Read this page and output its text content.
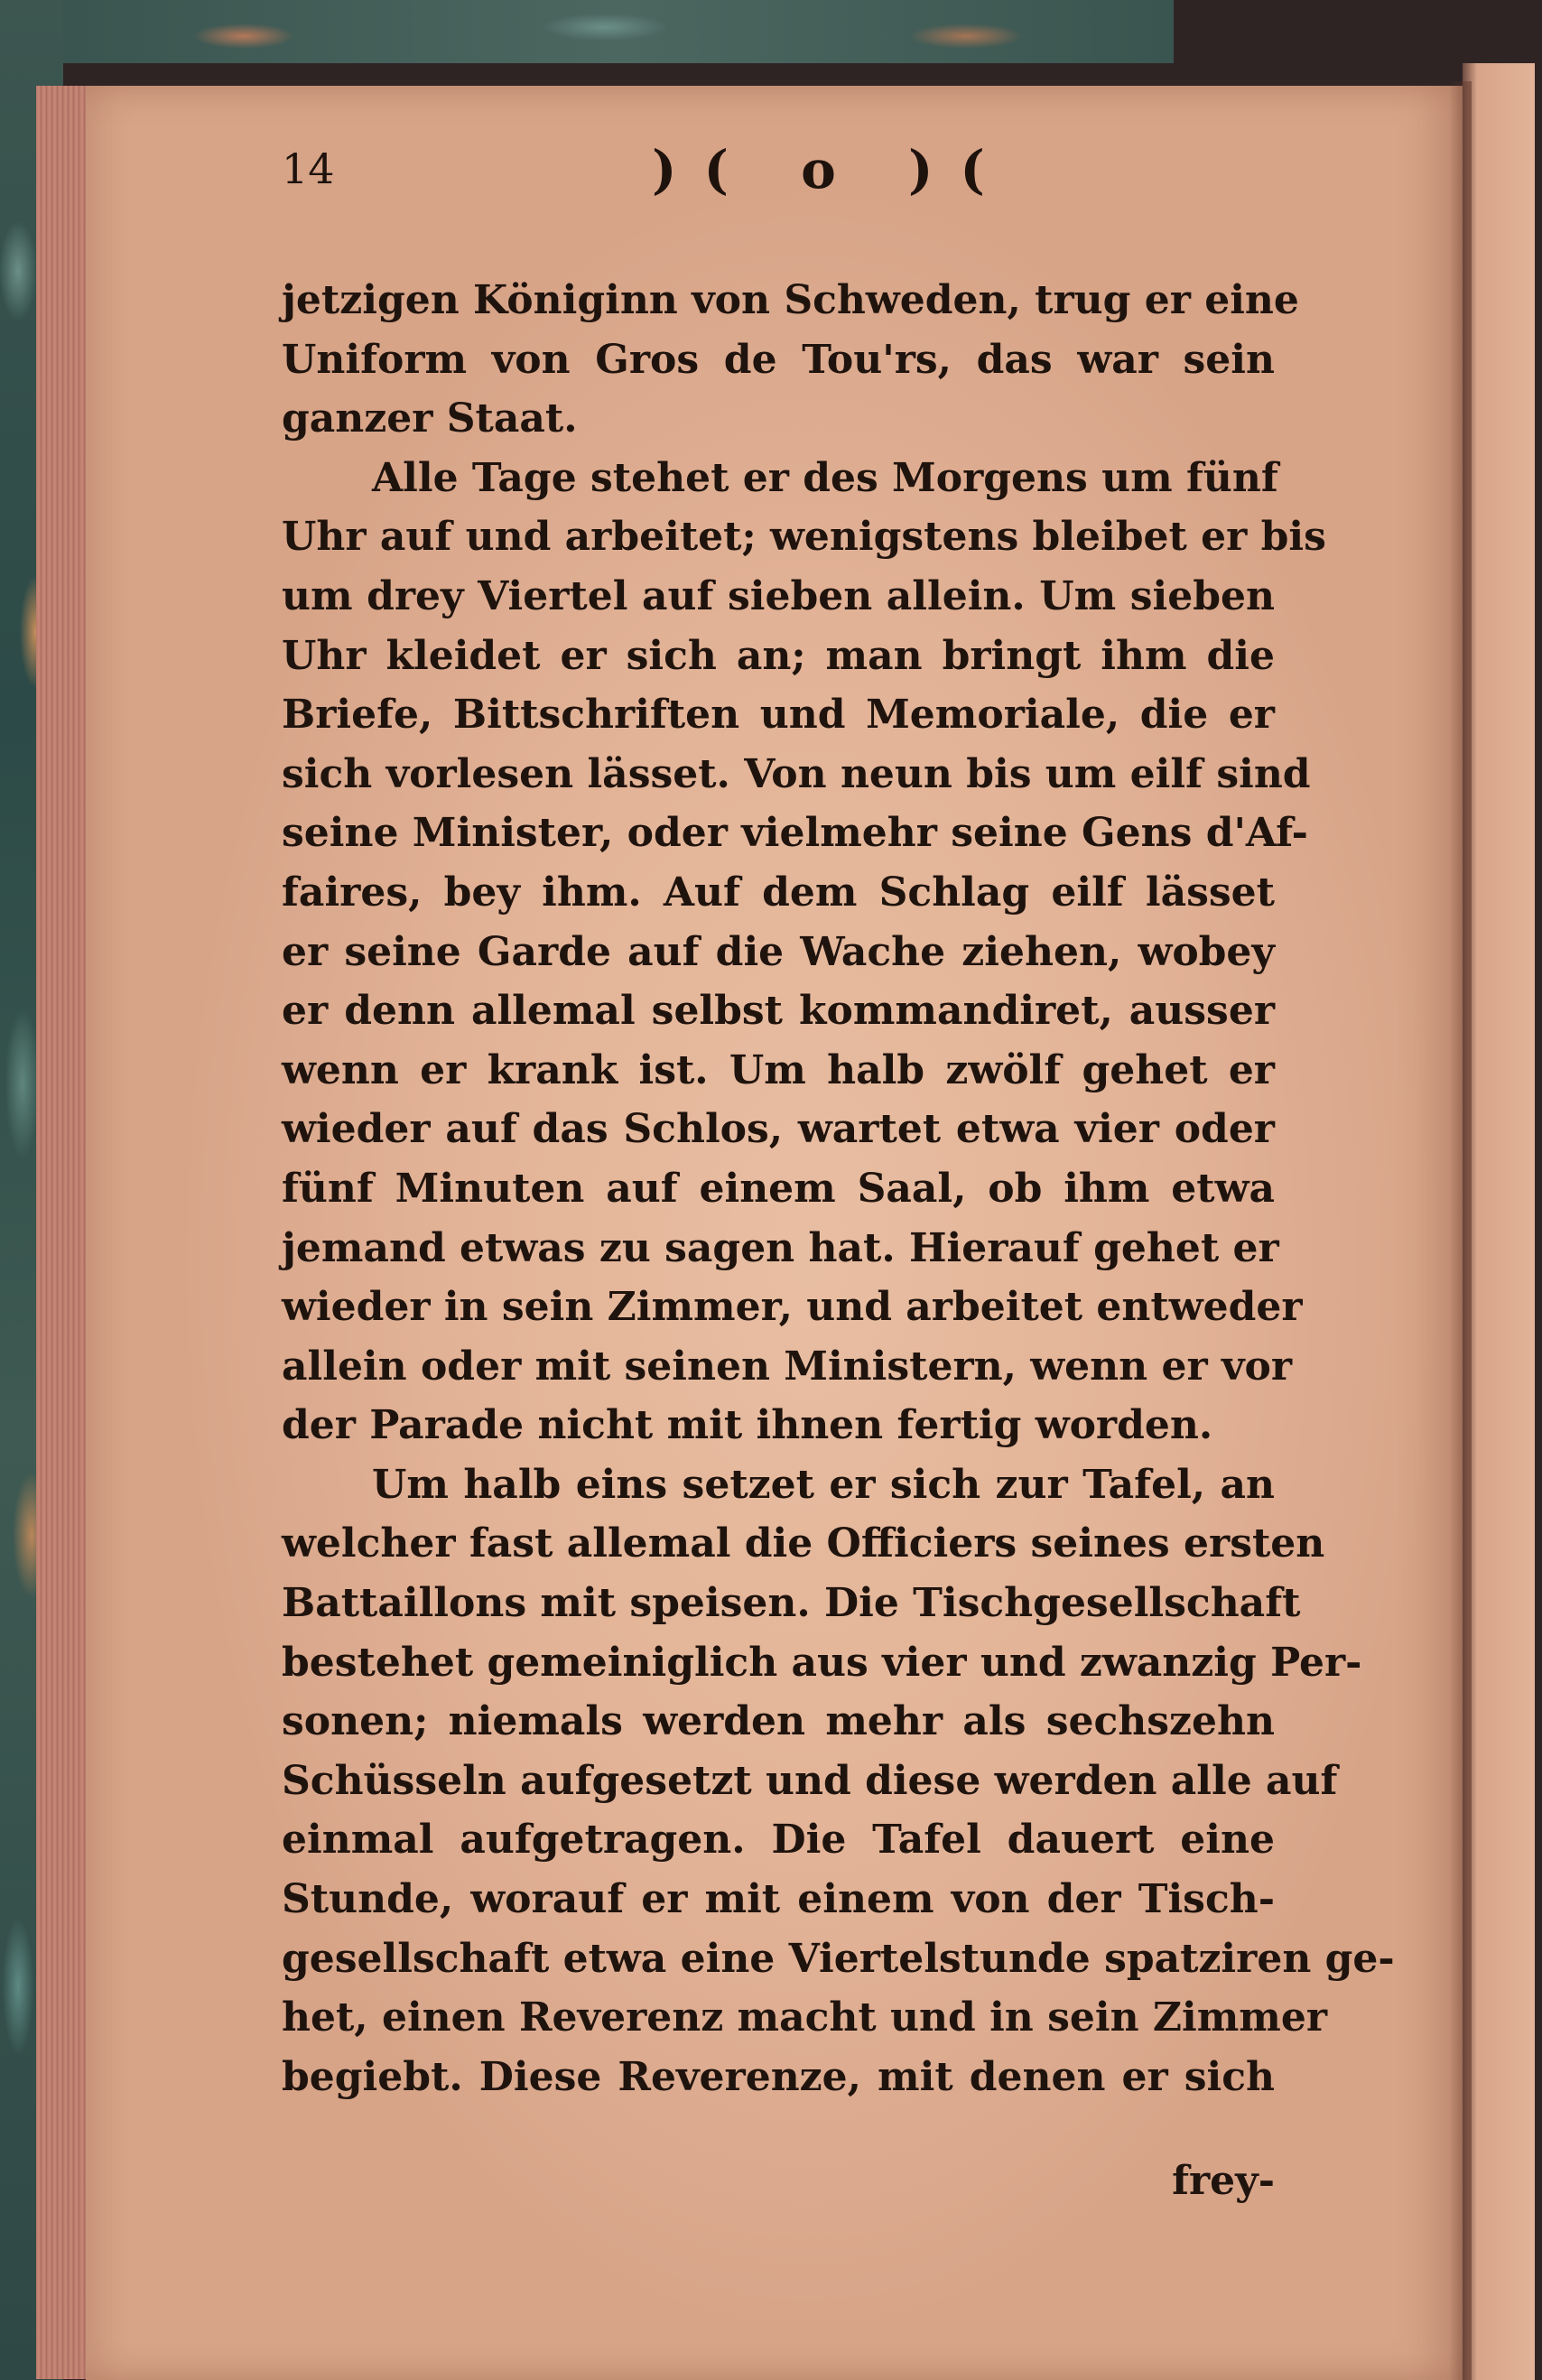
14	)( o )(
jetzigen Königinn von Schweden, trug er eine
Uniform von Gros de Tou'rs, das war sein
ganzer Staat.
Alle Tage stehet er des Morgens um fünf
Uhr auf und arbeitet; wenigstens bleibet er bis
um drey Viertel auf sieben allein. Um sieben
Uhr kleidet er sich an; man bringt ihm die
Briefe, Bittschriften und Memoriale, die er
sich vorlesen lässet. Von neun bis um eilf sind
seine Minister, oder vielmehr seine Gens d'Af-
faires, bey ihm. Auf dem Schlag eilf lässet
er seine Garde auf die Wache ziehen, wobey
er denn allemal selbst kommandiret, ausser
wenn er krank ist. Um halb zwölf gehet er
wieder auf das Schlos, wartet etwa vier oder
fünf Minuten auf einem Saal, ob ihm etwa
jemand etwas zu sagen hat. Hierauf gehet er
wieder in sein Zimmer, und arbeitet entweder
allein oder mit seinen Ministern, wenn er vor
der Parade nicht mit ihnen fertig worden.
Um halb eins setzet er sich zur Tafel, an
welcher fast allemal die Officiers seines ersten
Battaillons mit speisen. Die Tischgesellschaft
bestehet gemeiniglich aus vier und zwanzig Per-
sonen; niemals werden mehr als sechszehn
Schüsseln aufgesetzt und diese werden alle auf
einmal aufgetragen. Die Tafel dauert eine
Stunde, worauf er mit einem von der Tisch-
gesellschaft etwa eine Viertelstunde spatziren ge-
het, einen Reverenz macht und in sein Zimmer
begiebt. Diese Reverenze, mit denen er sich
frey-
